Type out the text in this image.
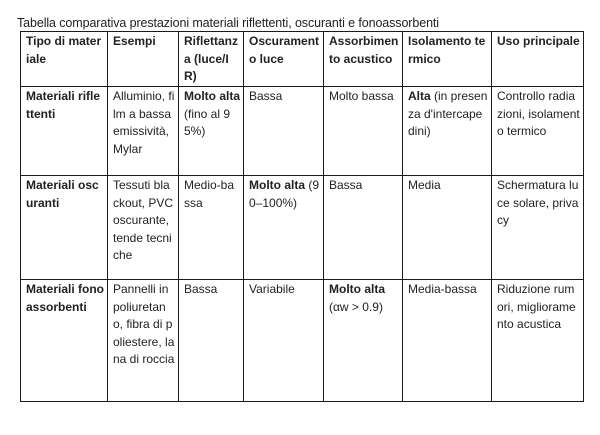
Tabella comparativa prestazioni materiali riflettenti, oscuranti e fonoassorbenti
Tipo di materiale	Esempi	Riflettanza (luce/IR)	Oscuramento luce	Assorbimento acustico	Isolamento termico	Uso principale
Materiali riflettenti	Alluminio, film a bassa emissività, Mylar	Molto alta (fino al 95%)	Bassa	Molto bassa	Alta (in presenza d'intercapedini)	Controllo radiazioni, isolamento termico
Materiali oscuranti	Tessuti blackout, PVC oscurante, tende tecniche	Medio-bassa	Molto alta (90–100%)	Bassa	Media	Schermatura luce solare, privacy
Materiali fonoassorbenti	Pannelli in poliuretano, fibra di poliestere, lana di roccia	Bassa	Variabile	Molto alta (αw > 0.9)	Media-bassa	Riduzione rumori, miglioramento acustica
